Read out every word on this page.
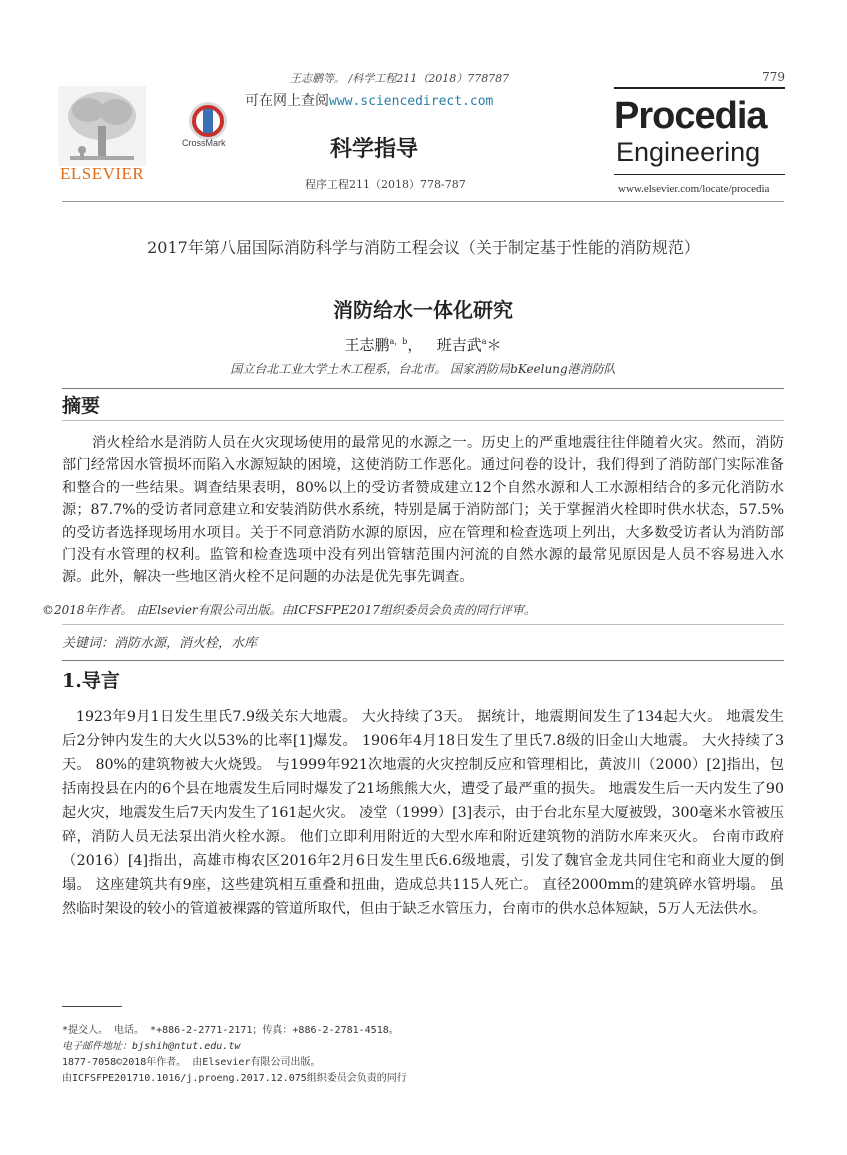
王志鹏等。 /科学工程211（2018）778787	779
ELSEVIER
CrossMark
可在网上查阅www.sciencedirect.com
科学指导
程序工程211（2018）778-787
Procedia
Engineering
www.elsevier.com/locate/procedia
2017年第八届国际消防科学与消防工程会议（关于制定基于性能的消防规范）
消防给水一体化研究
王志鹏$^{a,b}$， 班吉武$^a$＊
国立台北工业大学土木工程系，台北市。 国家消防局bKeelung港消防队
摘要
消火栓给水是消防人员在火灾现场使用的最常见的水源之一。历史上的严重地震往往伴随着火灾。然而，消防部门经常因水管损坏而陷入水源短缺的困境，这使消防工作恶化。通过问卷的设计，我们得到了消防部门实际准备和整合的一些结果。调查结果表明，80%以上的受访者赞成建立12个自然水源和人工水源相结合的多元化消防水源；87.7%的受访者同意建立和安装消防供水系统，特别是属于消防部门；关于掌握消火栓即时供水状态，57.5%的受访者选择现场用水项目。关于不同意消防水源的原因，应在管理和检查选项上列出，大多数受访者认为消防部门没有水管理的权利。监管和检查选项中没有列出管辖范围内河流的自然水源的最常见原因是人员不容易进入水源。此外，解决一些地区消火栓不足问题的办法是优先事先调查。
©2018年作者。 由Elsevier有限公司出版。由ICFSFPE2017组织委员会负责的同行评审。
关键词：消防水源，消火栓，水库
1.导言
1923年9月1日发生里氏7.9级关东大地震。 大火持续了3天。 据统计，地震期间发生了134起大火。 地震发生后2分钟内发生的大火以53%的比率[1]爆发。 1906年4月18日发生了里氏7.8级的旧金山大地震。 大火持续了3天。 80%的建筑物被大火烧毁。 与1999年921次地震的火灾控制反应和管理相比，黄波川（2000）[2]指出，包括南投县在内的6个县在地震发生后同时爆发了21场熊熊大火，遭受了最严重的损失。 地震发生后一天内发生了90起火灾，地震发生后7天内发生了161起火灾。 凌堂（1999）[3]表示，由于台北东星大厦被毁，300毫米水管被压碎，消防人员无法泵出消火栓水源。 他们立即利用附近的大型水库和附近建筑物的消防水库来灭火。 台南市政府（2016）[4]指出，高雄市梅农区2016年2月6日发生里氏6.6级地震，引发了魏官金龙共同住宅和商业大厦的倒塌。 这座建筑共有9座，这些建筑相互重叠和扭曲，造成总共115人死亡。 直径2000mm的建筑碎水管坍塌。 虽然临时架设的较小的管道被裸露的管道所取代，但由于缺乏水管压力，台南市的供水总体短缺，5万人无法供水。
*提交人。 电话。 *+886-2-2771-2171；传真：+886-2-2781-4518。
电子邮件地址：bjshih@ntut.edu.tw
1877-7058©2018年作者。 由Elsevier有限公司出版。
由ICFSFPE201710.1016/j.proeng.2017.12.075组织委员会负责的同行
